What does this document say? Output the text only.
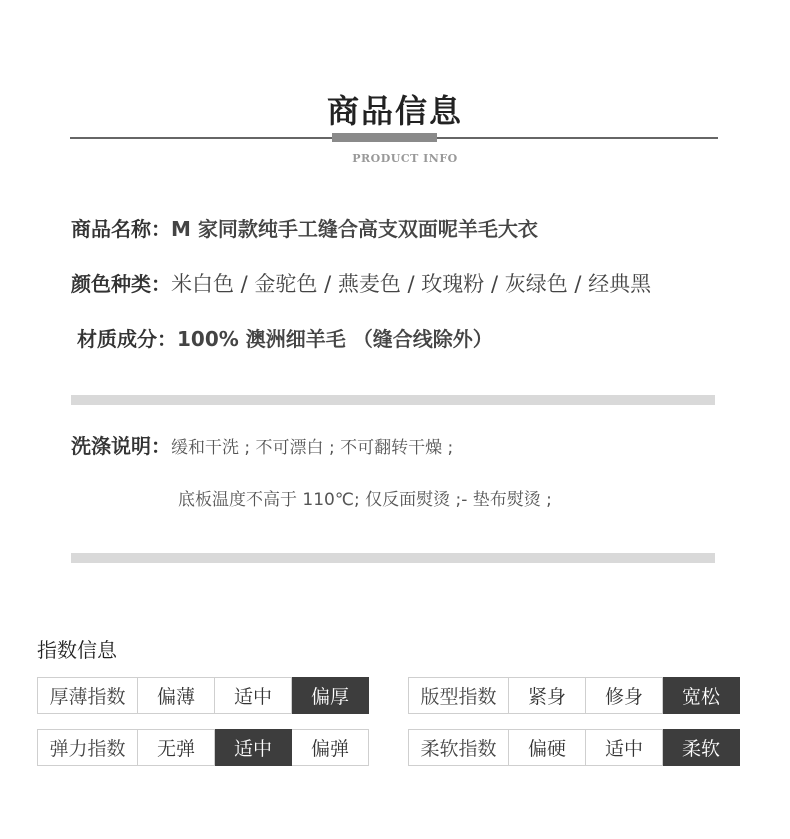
商品信息
PRODUCT INFO
商品名称：M 家同款纯手工缝合高支双面呢羊毛大衣
颜色种类：米白色 / 金驼色 / 燕麦色 / 玫瑰粉 / 灰绿色 / 经典黑
材质成分：100% 澳洲细羊毛 （缝合线除外）
洗涤说明：缓和干洗 ; 不可漂白 ; 不可翻转干燥 ;
底板温度不高于 110℃; 仅反面熨烫 ;- 垫布熨烫 ;
指数信息
厚薄指数	偏薄	适中	偏厚	版型指数	紧身	修身	宽松
弹力指数	无弹	适中	偏弹	柔软指数	偏硬	适中	柔软
